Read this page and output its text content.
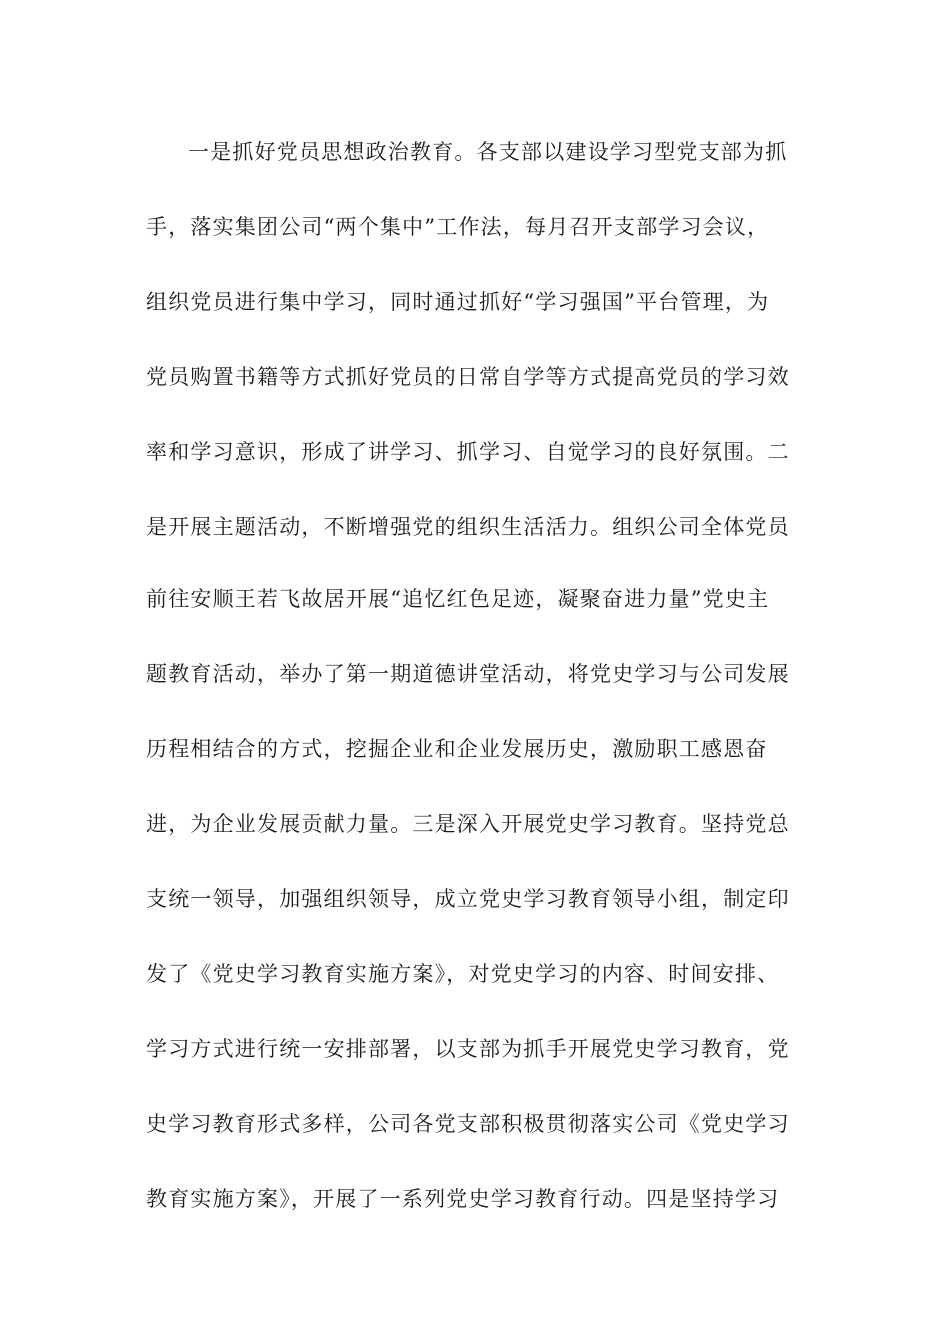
一是抓好党员思想政治教育。各支部以建设学习型党支部为抓
手，落实集团公司“两个集中”工作法，每月召开支部学习会议，
组织党员进行集中学习，同时通过抓好“学习强国”平台管理，为
党员购置书籍等方式抓好党员的日常自学等方式提高党员的学习效
率和学习意识，形成了讲学习、抓学习、自觉学习的良好氛围。二
是开展主题活动，不断增强党的组织生活活力。组织公司全体党员
前往安顺王若飞故居开展“追忆红色足迹，凝聚奋进力量”党史主
题教育活动，举办了第一期道德讲堂活动，将党史学习与公司发展
历程相结合的方式，挖掘企业和企业发展历史，激励职工感恩奋
进，为企业发展贡献力量。三是深入开展党史学习教育。坚持党总
支统一领导，加强组织领导，成立党史学习教育领导小组，制定印
发了《党史学习教育实施方案》，对党史学习的内容、时间安排、
学习方式进行统一安排部署，以支部为抓手开展党史学习教育，党
史学习教育形式多样，公司各党支部积极贯彻落实公司《党史学习
教育实施方案》，开展了一系列党史学习教育行动。四是坚持学习
